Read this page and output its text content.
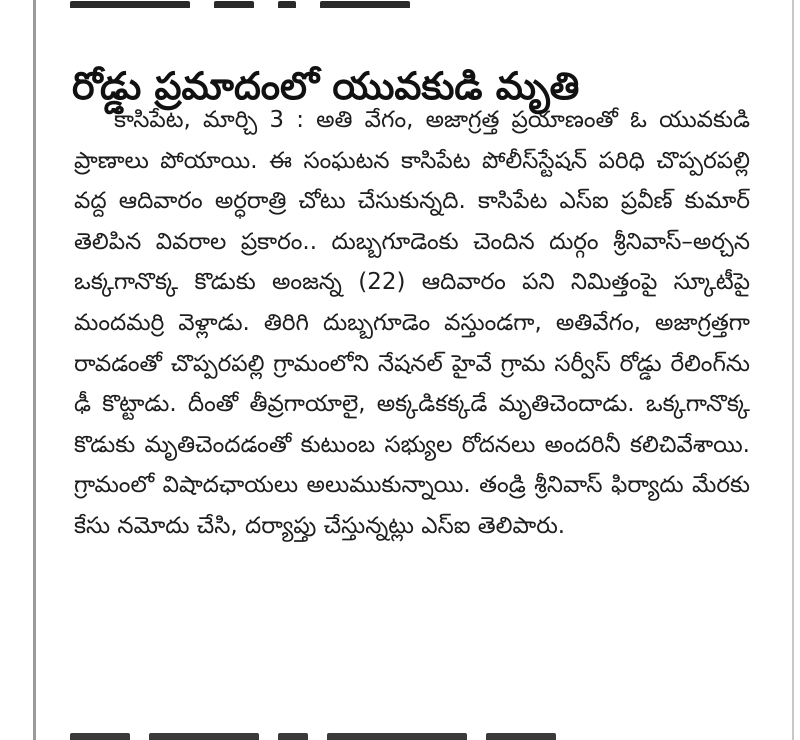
రోడ్డు ప్రమాదంలో యువకుడి మృతి

కాసిపేట, మార్చి 3 : అతి వేగం, అజాగ్రత్త ప్రయాణంతో ఓ యువకుడి ప్రాణాలు పోయాయి. ఈ సంఘటన కాసిపేట పోలీస్‌స్టేషన్ పరిధి చొప్పరపల్లి వద్ద ఆదివారం అర్ధరాత్రి చోటు చేసుకున్నది. కాసిపేట ఎస్ఐ ప్రవీణ్ కుమార్ తెలిపిన వివరాల ప్రకారం.. దుబ్బగూడెంకు చెందిన దుర్గం శ్రీనివాస్–అర్చన ఒక్కగానొక్క కొడుకు అంజన్న (22) ఆదివారం పని నిమిత్తంపై స్కూటీపై మందమర్రి వెళ్లాడు. తిరిగి దుబ్బగూడెం వస్తుండగా, అతివేగం, అజాగ్రత్తగా రావడంతో చొప్పరపల్లి గ్రామంలోని నేషనల్ హైవే గ్రామ సర్వీస్ రోడ్డు రేలింగ్‌ను ఢీ కొట్టాడు. దీంతో తీవ్రగాయాలై, అక్కడికక్కడే మృతిచెందాడు. ఒక్కగానొక్క కొడుకు మృతిచెందడంతో కుటుంబ సభ్యుల రోదనలు అందరినీ కలిచివేశాయి. గ్రామంలో విషాదఛాయలు అలుముకున్నాయి. తండ్రి శ్రీనివాస్ ఫిర్యాదు మేరకు కేసు నమోదు చేసి, దర్యాప్తు చేస్తున్నట్లు ఎస్ఐ తెలిపారు.
